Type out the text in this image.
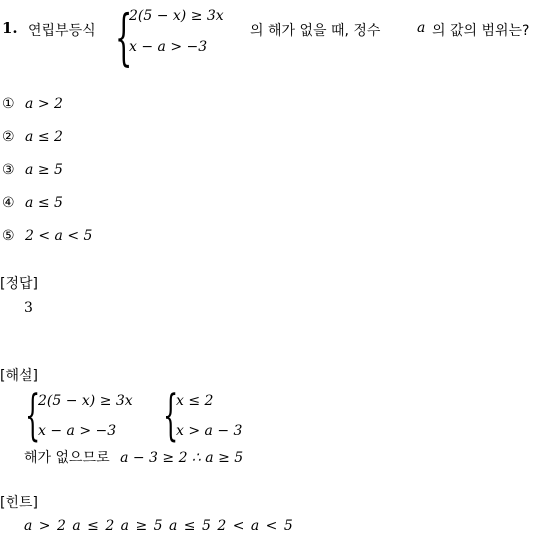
1. 연립부등식 {
2(5 − x) ≥ 3x
x − a > −3
의 해가 없을 때, 정수	a 의 값의 범위는?
① a > 2
② a ≤ 2
③ a ≥ 5
④ a ≤ 5
⑤ 2 < a < 5
[정답]
3
[해설]
{
2(5 − x) ≥ 3x
x − a > −3 {
x ≤ 2
x > a − 3
해가 없으므로 a − 3 ≥ 2 ∴ a ≥ 5
[힌트]
a > 2 a ≤ 2 a ≥ 5 a ≤ 5 2 < a < 5
